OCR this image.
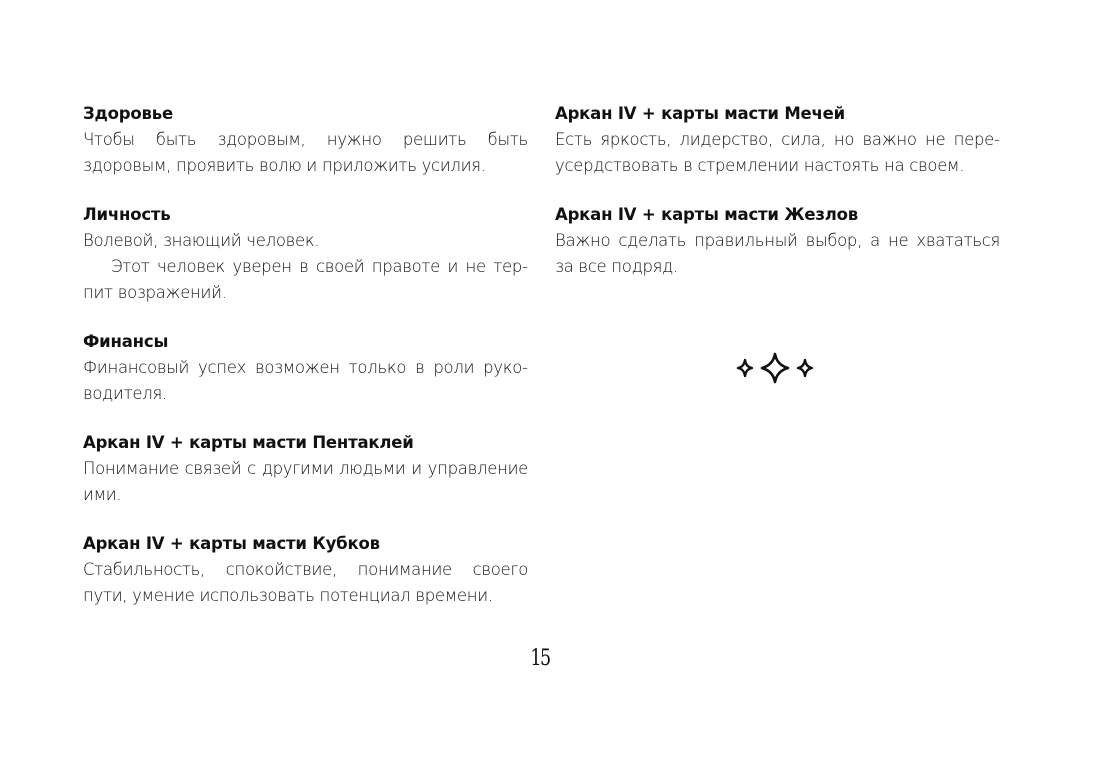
Здоровье

Чтобы быть здоровым, нужно решить быть здоровым, проявить волю и приложить усилия.

Личность

Волевой, знающий человек.
Этот человек уверен в своей правоте и не терпит возражений.

Финансы

Финансовый успех возможен только в роли руководителя.

Аркан IV + карты масти Пентаклей

Понимание связей с другими людьми и управление ими.

Аркан IV + карты масти Кубков

Стабильность, спокойствие, понимание своего пути, умение использовать потенциал времени.

Аркан IV + карты масти Мечей

Есть яркость, лидерство, сила, но важно не переусердствовать в стремлении настоять на своем.

Аркан IV + карты масти Жезлов

Важно сделать правильный выбор, а не хвататься за все подряд.

15
